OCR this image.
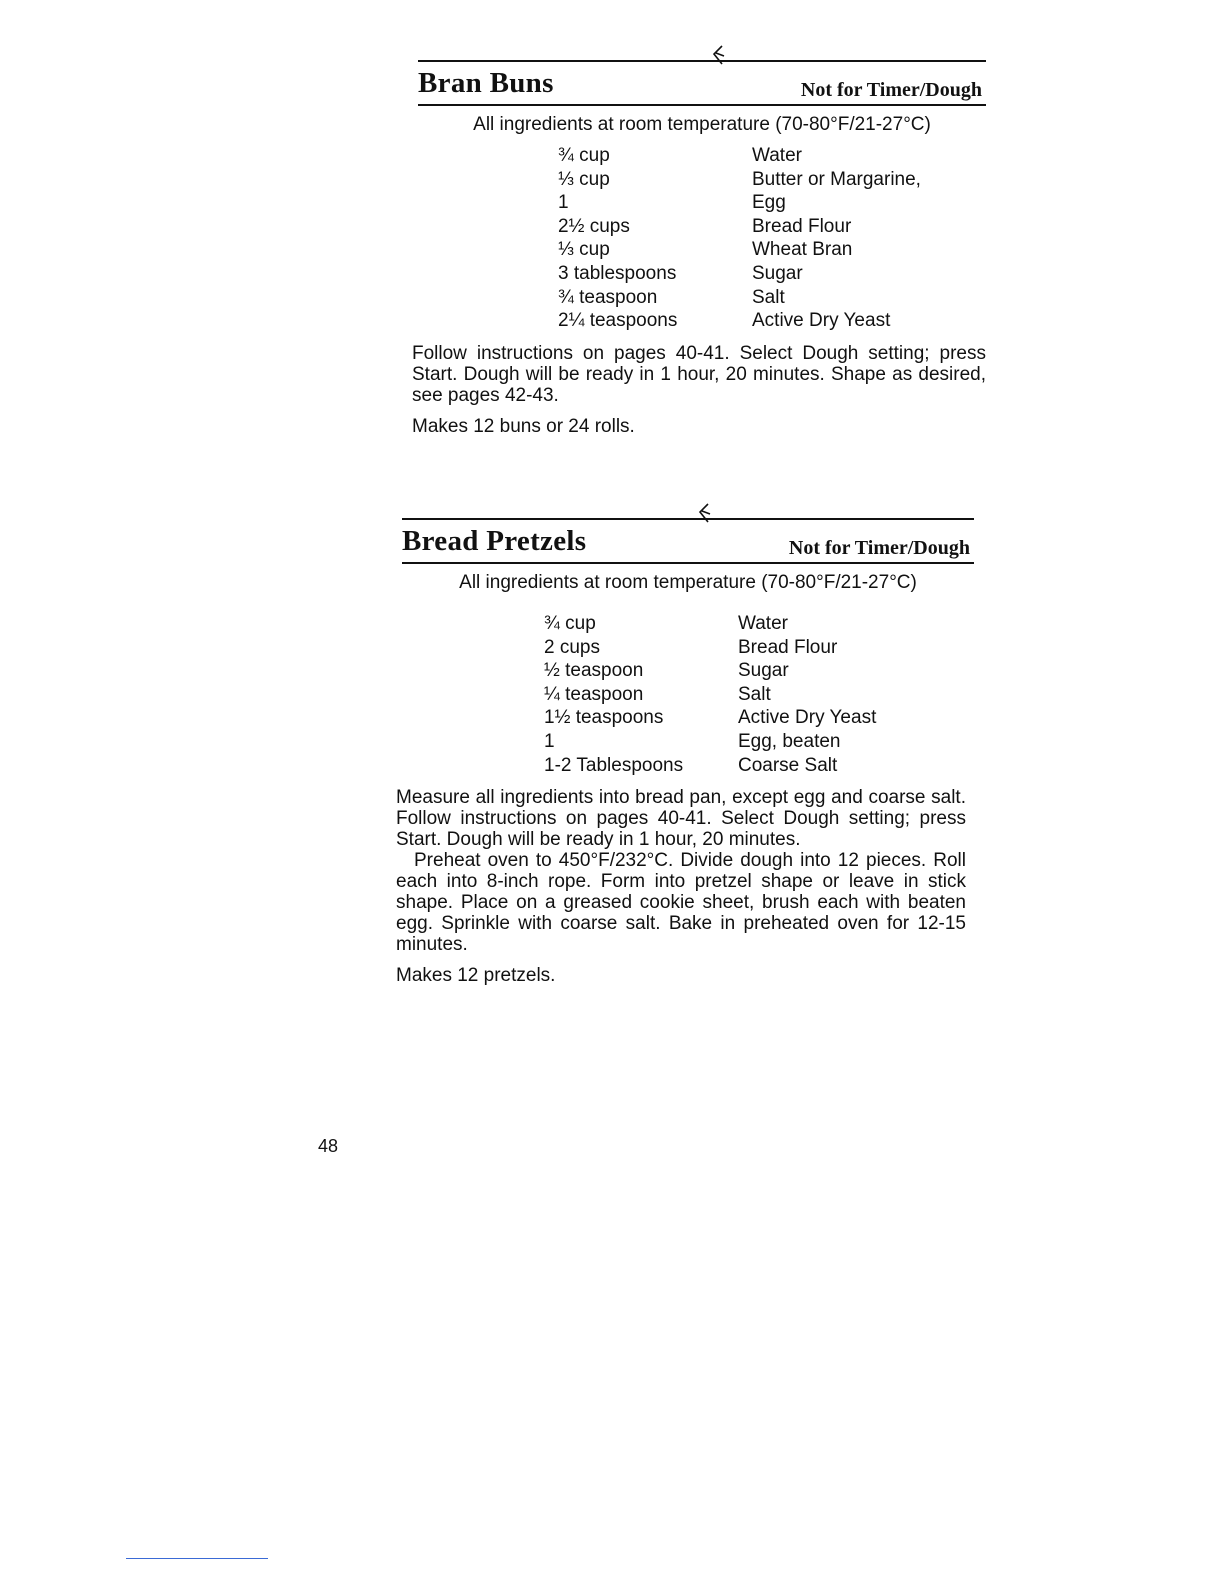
Bran Buns	Not for Timer/Dough
All ingredients at room temperature (70-80°F/21-27°C)
¾ cup	Water
⅓ cup	Butter or Margarine,
1	Egg
2½ cups	Bread Flour
⅓ cup	Wheat Bran
3 tablespoons	Sugar
¾ teaspoon	Salt
2¼ teaspoons	Active Dry Yeast

Follow instructions on pages 40-41. Select Dough setting; press Start. Dough will be ready in 1 hour, 20 minutes. Shape as desired, see pages 42-43.

Makes 12 buns or 24 rolls.

Bread Pretzels	Not for Timer/Dough
All ingredients at room temperature (70-80°F/21-27°C)
¾ cup	Water
2 cups	Bread Flour
½ teaspoon	Sugar
¼ teaspoon	Salt
1½ teaspoons	Active Dry Yeast
1	Egg, beaten
1-2 Tablespoons	Coarse Salt

Measure all ingredients into bread pan, except egg and coarse salt. Follow instructions on pages 40-41. Select Dough setting; press Start. Dough will be ready in 1 hour, 20 minutes.

Preheat oven to 450°F/232°C. Divide dough into 12 pieces. Roll each into 8-inch rope. Form into pretzel shape or leave in stick shape. Place on a greased cookie sheet, brush each with beaten egg. Sprinkle with coarse salt. Bake in preheated oven for 12-15 minutes.

Makes 12 pretzels.

48
